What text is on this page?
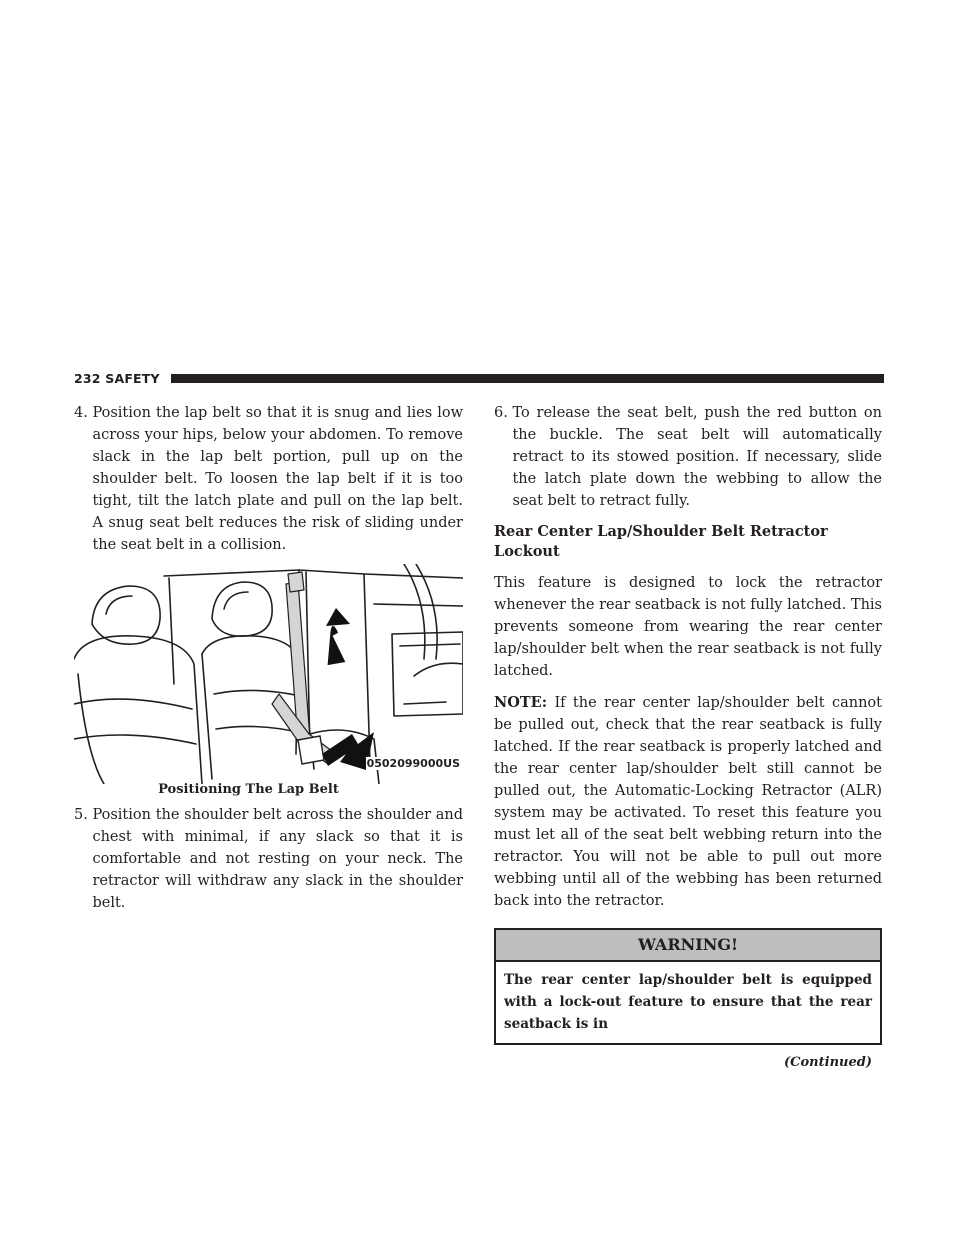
232 SAFETY
4. Position the lap belt so that it is snug and lies low across your hips, below your abdomen. To remove slack in the lap belt portion, pull up on the shoulder belt. To loosen the lap belt if it is too tight, tilt the latch plate and pull on the lap belt. A snug seat belt reduces the risk of sliding under the seat belt in a collision.
0502099000US
Positioning The Lap Belt
5. Position the shoulder belt across the shoulder and chest with minimal, if any slack so that it is comfortable and not resting on your neck. The retractor will withdraw any slack in the shoulder belt.
6. To release the seat belt, push the red button on the buckle. The seat belt will automatically retract to its stowed position. If necessary, slide the latch plate down the webbing to allow the seat belt to retract fully.
Rear Center Lap/Shoulder Belt Retractor Lockout

This feature is designed to lock the retractor whenever the rear seatback is not fully latched. This prevents someone from wearing the rear center lap/shoulder belt when the rear seatback is not fully latched.

NOTE: If the rear center lap/shoulder belt cannot be pulled out, check that the rear seatback is fully latched. If the rear seatback is properly latched and the rear center lap/shoulder belt still cannot be pulled out, the Automatic-Locking Retractor (ALR) system may be activated. To reset this feature you must let all of the seat belt webbing return into the retractor. You will not be able to pull out more webbing until all of the webbing has been returned back into the retractor.

WARNING!
The rear center lap/shoulder belt is equipped with a lock-out feature to ensure that the rear seatback is in
(Continued)
